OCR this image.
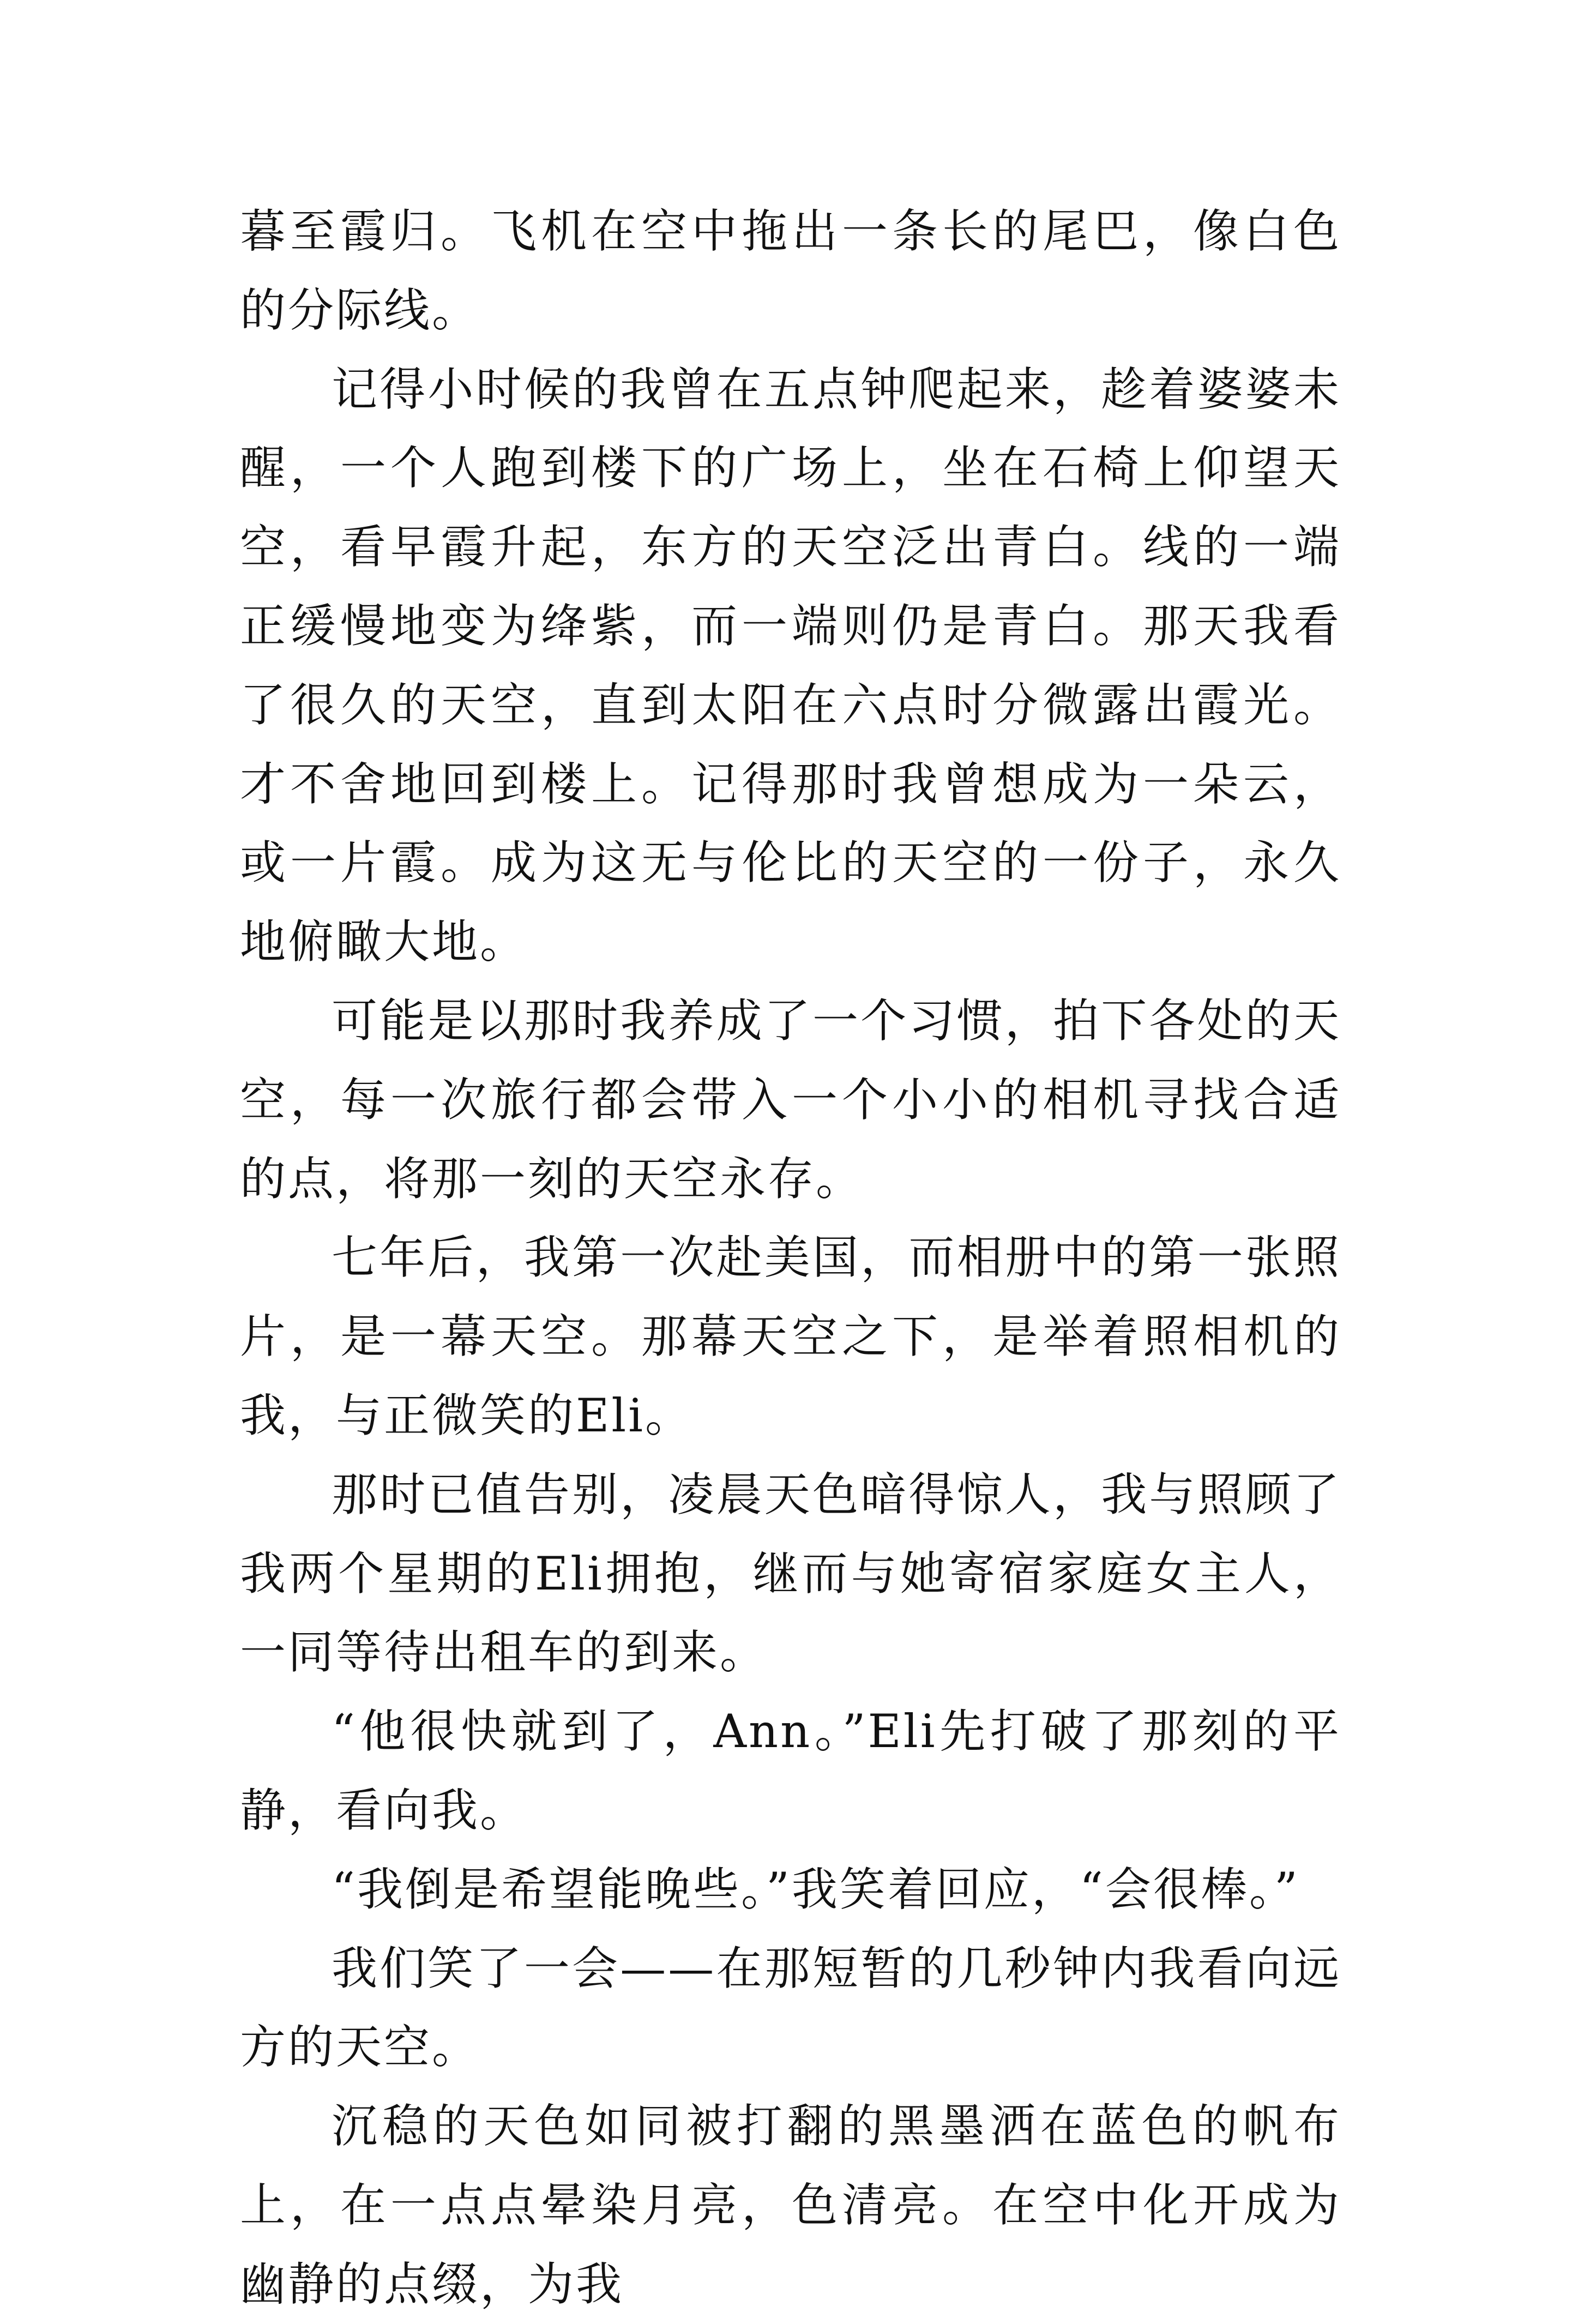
暮至霞归。飞机在空中拖出一条长的尾巴，像白色的分际线。

记得小时候的我曾在五点钟爬起来，趁着婆婆未醒，一个人跑到楼下的广场上，坐在石椅上仰望天空，看早霞升起，东方的天空泛出青白。线的一端正缓慢地变为绛紫，而一端则仍是青白。那天我看了很久的天空，直到太阳在六点时分微露出霞光。才不舍地回到楼上。记得那时我曾想成为一朵云，或一片霞。成为这无与伦比的天空的一份子，永久地俯瞰大地。

可能是以那时我养成了一个习惯，拍下各处的天空，每一次旅行都会带入一个小小的相机寻找合适的点，将那一刻的天空永存。

七年后，我第一次赴美国，而相册中的第一张照片，是一幕天空。那幕天空之下，是举着照相机的我，与正微笑的Eli。

那时已值告别，凌晨天色暗得惊人，我与照顾了我两个星期的Eli拥抱，继而与她寄宿家庭女主人，一同等待出租车的到来。

“他很快就到了，Ann。”Eli先打破了那刻的平静，看向我。

“我倒是希望能晚些。”我笑着回应，“会很棒。”

我们笑了一会——在那短暂的几秒钟内我看向远方的天空。

沉稳的天色如同被打翻的黑墨洒在蓝色的帆布上，在一点点晕染月亮，色清亮。在空中化开成为幽静的点缀，为我
